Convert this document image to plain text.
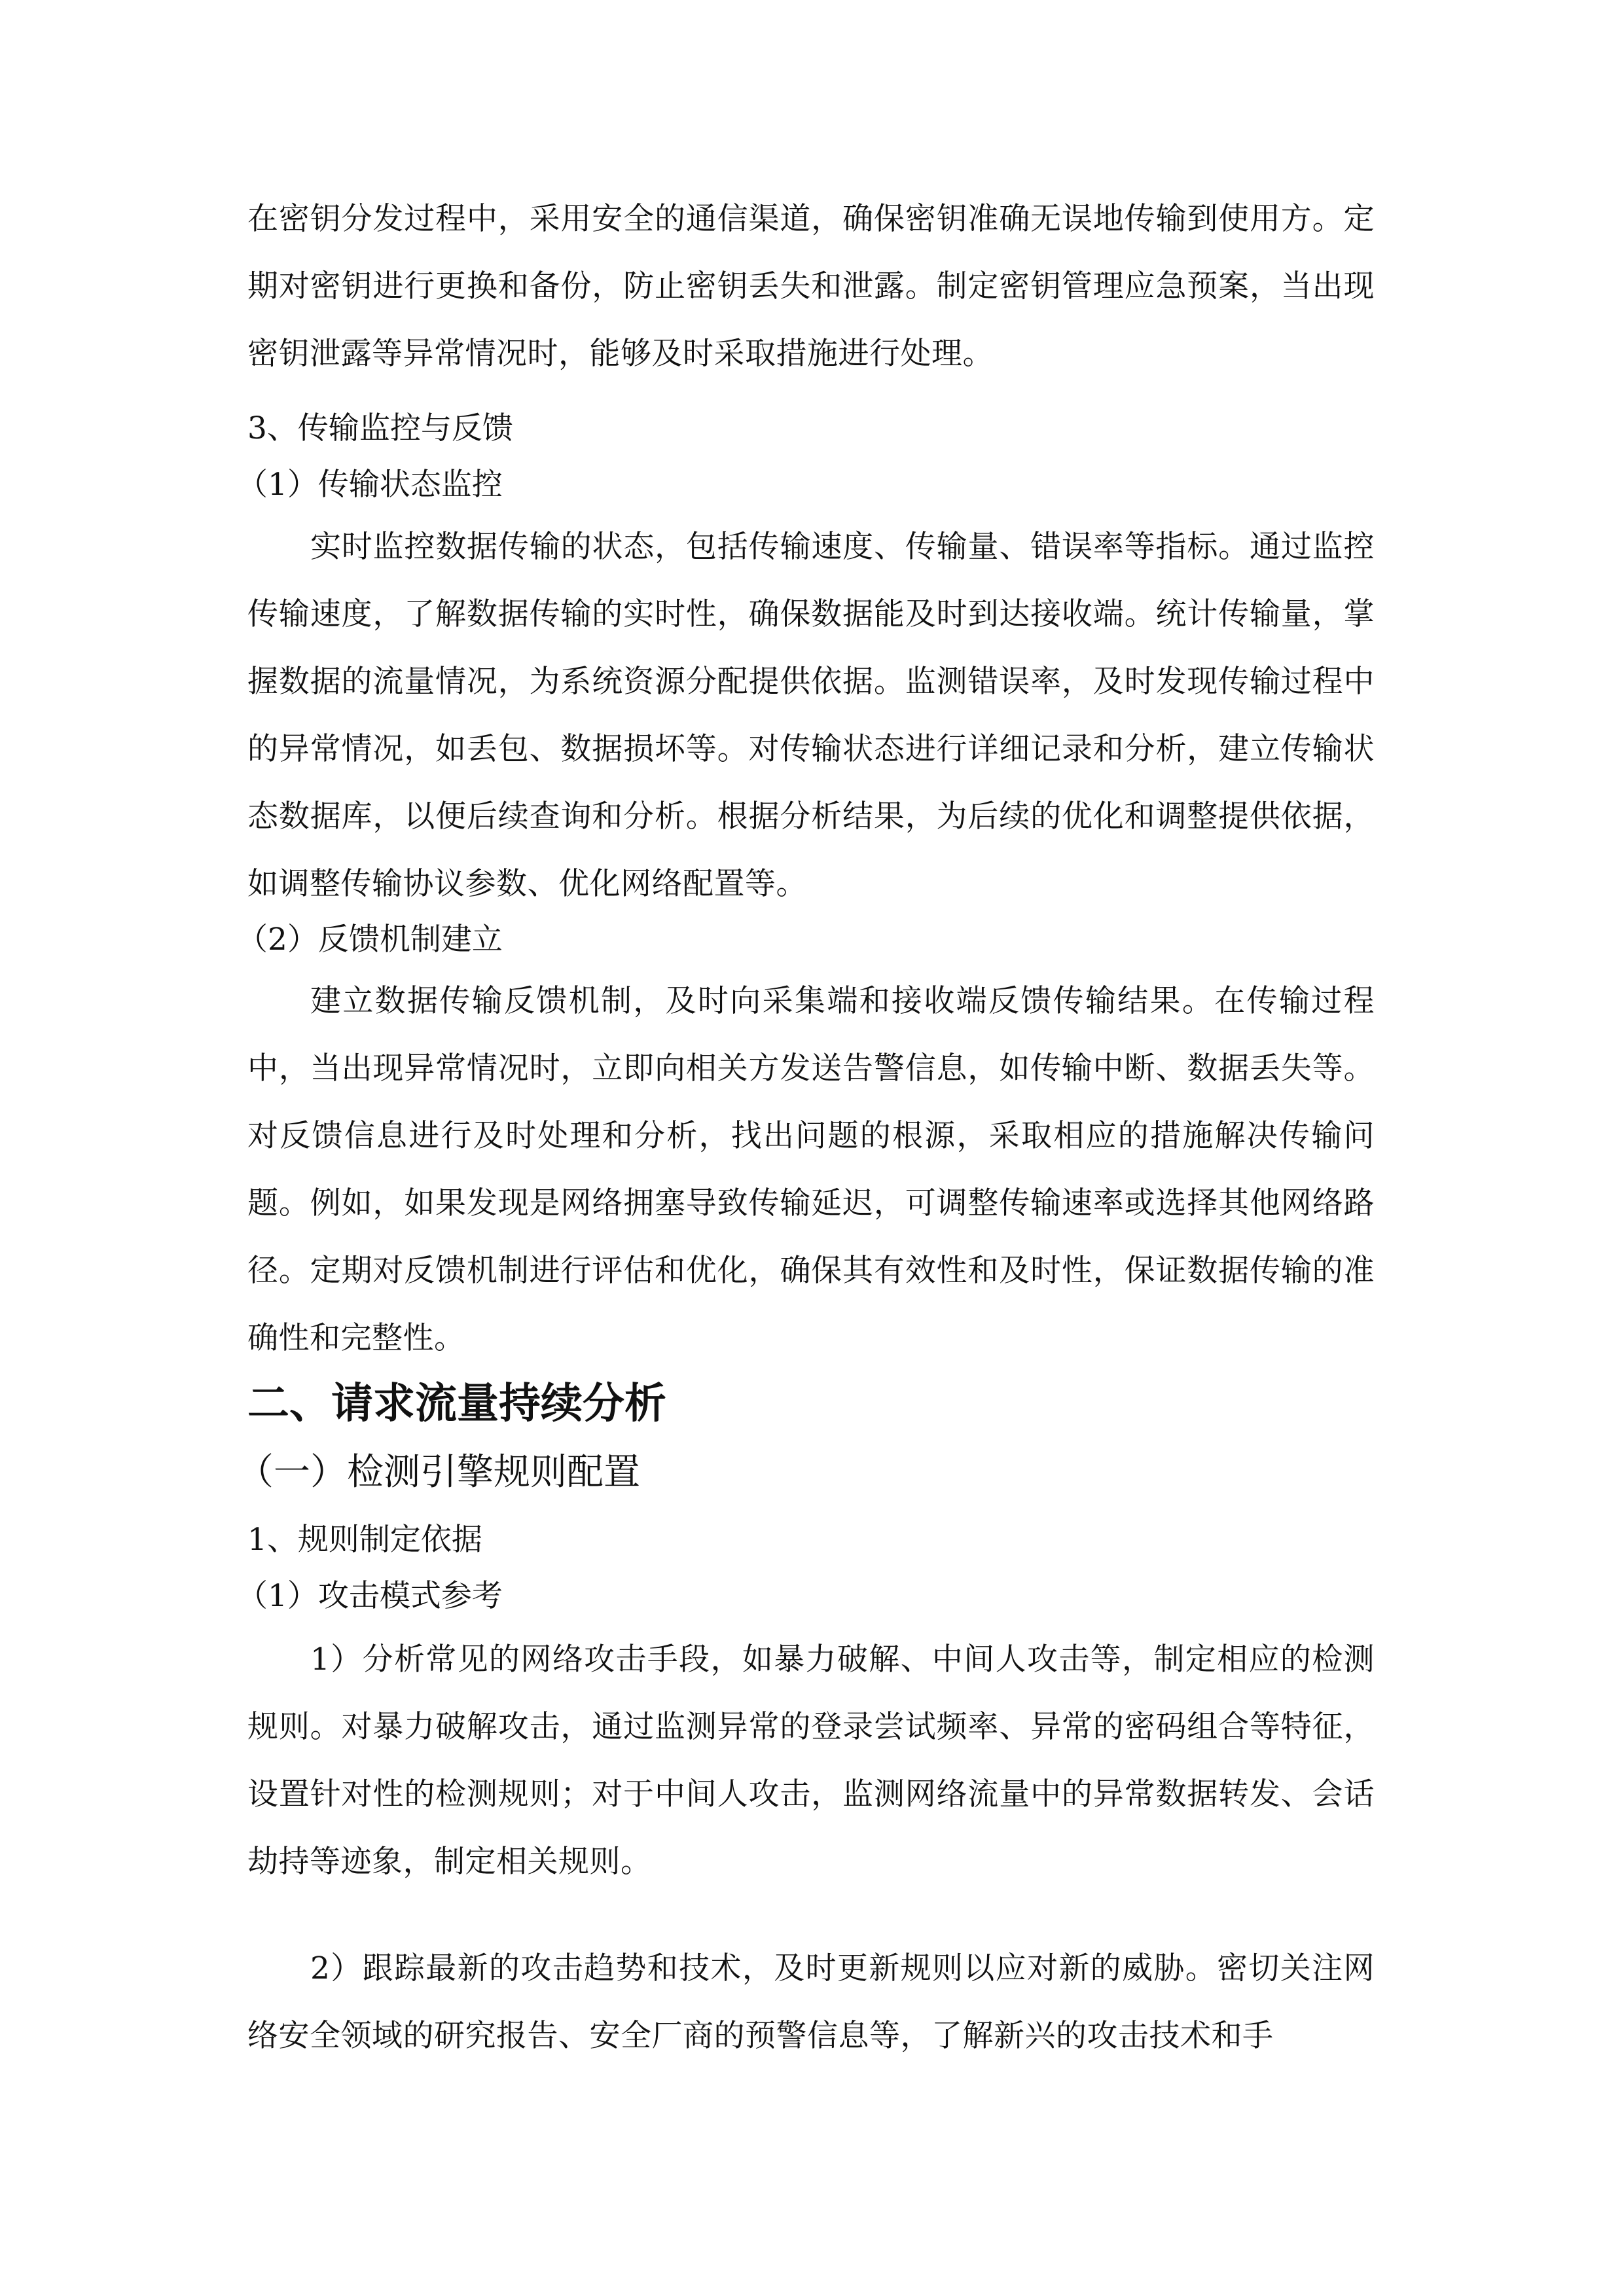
在密钥分发过程中，采用安全的通信渠道，确保密钥准确无误地传输到使用方。定期对密钥进行更换和备份，防止密钥丢失和泄露。制定密钥管理应急预案，当出现密钥泄露等异常情况时，能够及时采取措施进行处理。

3、传输监控与反馈

（1）传输状态监控

实时监控数据传输的状态，包括传输速度、传输量、错误率等指标。通过监控传输速度，了解数据传输的实时性，确保数据能及时到达接收端。统计传输量，掌握数据的流量情况，为系统资源分配提供依据。监测错误率，及时发现传输过程中的异常情况，如丢包、数据损坏等。对传输状态进行详细记录和分析，建立传输状态数据库，以便后续查询和分析。根据分析结果，为后续的优化和调整提供依据，如调整传输协议参数、优化网络配置等。

（2）反馈机制建立

建立数据传输反馈机制，及时向采集端和接收端反馈传输结果。在传输过程中，当出现异常情况时，立即向相关方发送告警信息，如传输中断、数据丢失等。对反馈信息进行及时处理和分析，找出问题的根源，采取相应的措施解决传输问题。例如，如果发现是网络拥塞导致传输延迟，可调整传输速率或选择其他网络路径。定期对反馈机制进行评估和优化，确保其有效性和及时性，保证数据传输的准确性和完整性。

二、请求流量持续分析

（一）检测引擎规则配置

1、规则制定依据

（1）攻击模式参考

1）分析常见的网络攻击手段，如暴力破解、中间人攻击等，制定相应的检测规则。对暴力破解攻击，通过监测异常的登录尝试频率、异常的密码组合等特征，设置针对性的检测规则；对于中间人攻击，监测网络流量中的异常数据转发、会话劫持等迹象，制定相关规则。

2）跟踪最新的攻击趋势和技术，及时更新规则以应对新的威胁。密切关注网络安全领域的研究报告、安全厂商的预警信息等，了解新兴的攻击技术和手
